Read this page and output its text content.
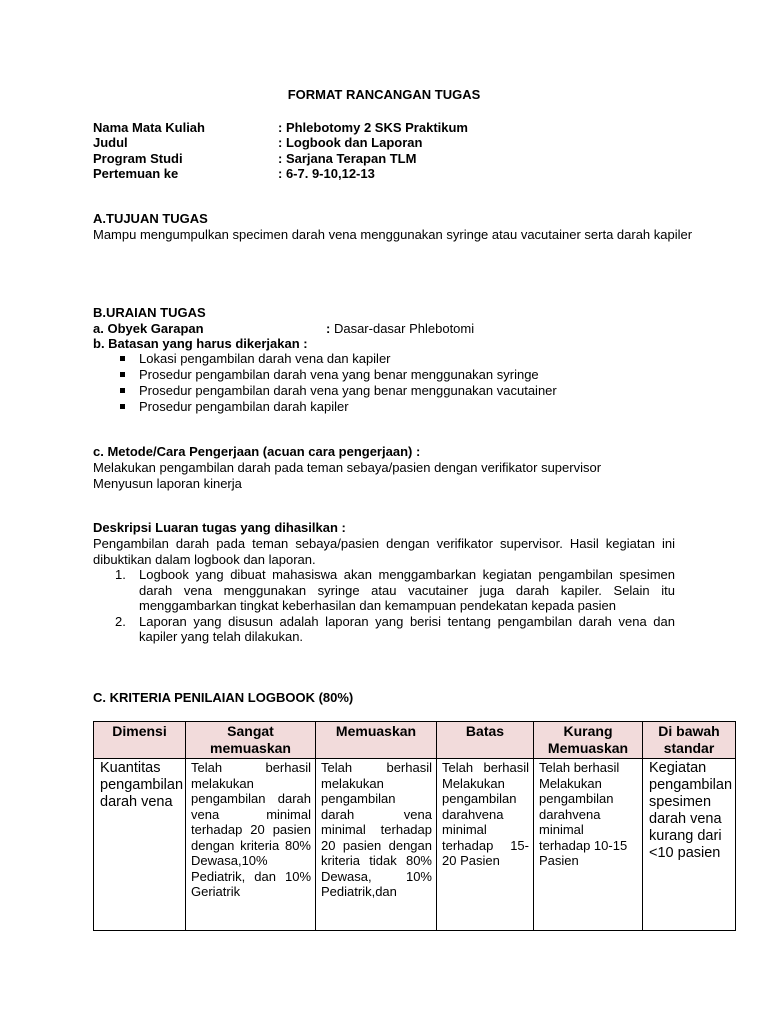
FORMAT RANCANGAN TUGAS
Nama Mata Kuliah	: Phlebotomy 2 SKS Praktikum
Judul	: Logbook dan Laporan
Program Studi	: Sarjana Terapan TLM
Pertemuan ke	: 6-7. 9-10,12-13
A.TUJUAN TUGAS
Mampu mengumpulkan specimen darah vena menggunakan syringe atau vacutainer serta darah kapiler
B.URAIAN TUGAS
a. Obyek Garapan	: Dasar-dasar Phlebotomi
b. Batasan yang harus dikerjakan :
Lokasi pengambilan darah vena dan kapiler
Prosedur pengambilan darah vena yang benar menggunakan syringe
Prosedur pengambilan darah vena yang benar menggunakan vacutainer
Prosedur pengambilan darah kapiler
c. Metode/Cara Pengerjaan (acuan cara pengerjaan) :
Melakukan pengambilan darah pada teman sebaya/pasien dengan verifikator supervisor
Menyusun laporan kinerja
Deskripsi Luaran tugas yang dihasilkan :
Pengambilan darah pada teman sebaya/pasien dengan verifikator supervisor. Hasil kegiatan ini dibuktikan dalam logbook dan laporan.
1. Logbook yang dibuat mahasiswa akan menggambarkan kegiatan pengambilan spesimen darah vena menggunakan syringe atau vacutainer juga darah kapiler. Selain itu menggambarkan tingkat keberhasilan dan kemampuan pendekatan kepada pasien
2. Laporan yang disusun adalah laporan yang berisi tentang pengambilan darah vena dan kapiler yang telah dilakukan.
C. KRITERIA PENILAIAN LOGBOOK (80%)
Dimensi	Sangat memuaskan	Memuaskan	Batas	Kurang Memuaskan	Di bawah standar
Kuantitas pengambilan darah vena	Telah berhasil melakukan pengambilan darah vena minimal terhadap 20 pasien dengan kriteria 80% Dewasa,10% Pediatrik, dan 10% Geriatrik	Telah berhasil melakukan pengambilan darah vena minimal terhadap 20 pasien dengan kriteria tidak 80% Dewasa, 10% Pediatrik,dan	Telah berhasil Melakukan pengambilan darahvena minimal terhadap 15-20 Pasien	Telah berhasil Melakukan pengambilan darahvena minimal terhadap 10-15 Pasien	Kegiatan pengambilan spesimen darah vena kurang dari <10 pasien
